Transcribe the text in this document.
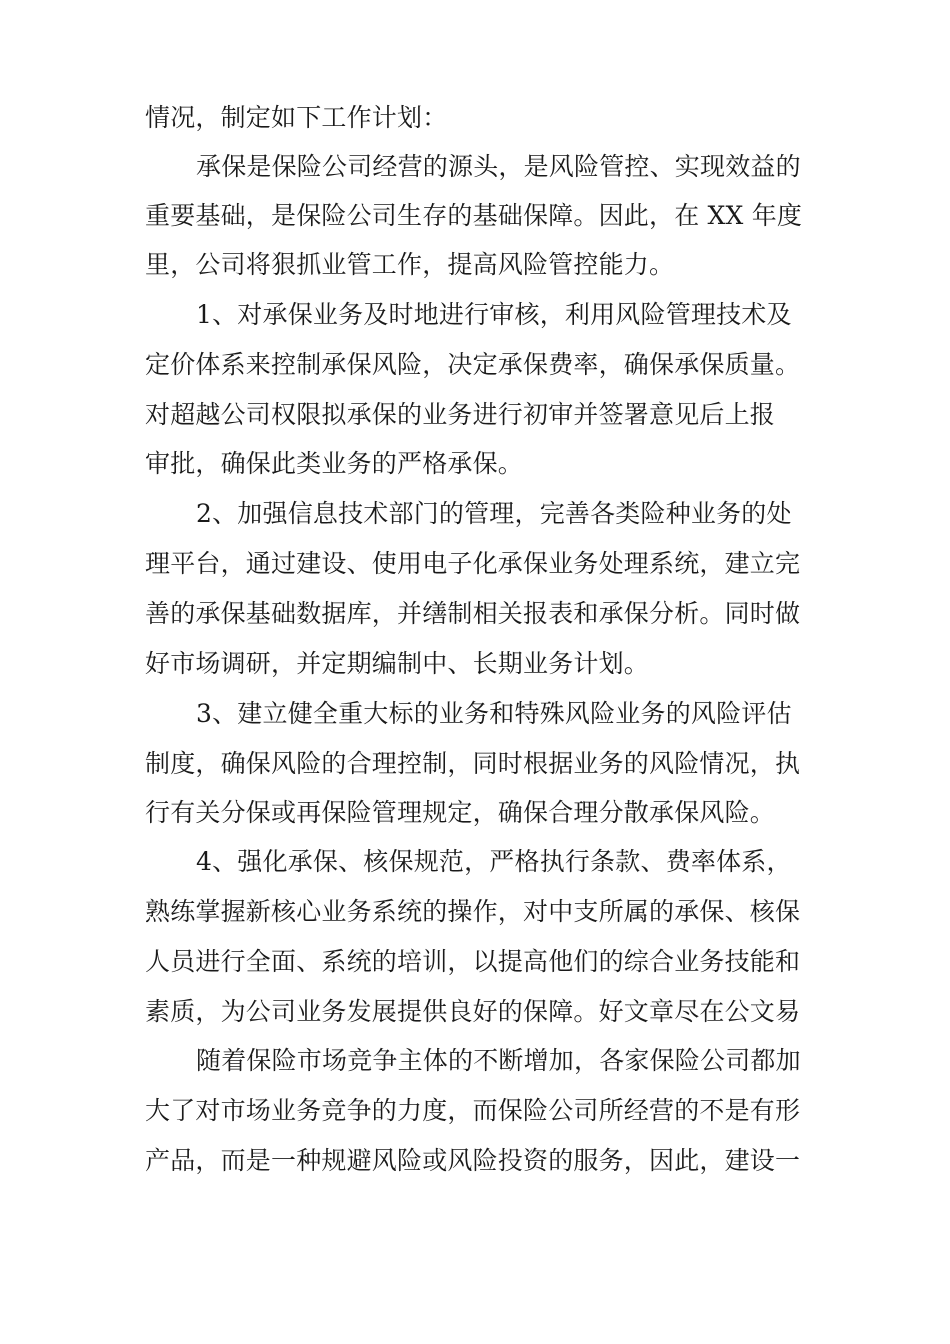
情况，制定如下工作计划：
承保是保险公司经营的源头，是风险管控、实现效益的
重要基础，是保险公司生存的基础保障。因此，在 XX 年度
里，公司将狠抓业管工作，提高风险管控能力。
1、对承保业务及时地进行审核，利用风险管理技术及
定价体系来控制承保风险，决定承保费率，确保承保质量。
对超越公司权限拟承保的业务进行初审并签署意见后上报
审批，确保此类业务的严格承保。
2、加强信息技术部门的管理，完善各类险种业务的处
理平台，通过建设、使用电子化承保业务处理系统，建立完
善的承保基础数据库，并缮制相关报表和承保分析。同时做
好市场调研，并定期编制中、长期业务计划。
3、建立健全重大标的业务和特殊风险业务的风险评估
制度，确保风险的合理控制，同时根据业务的风险情况，执
行有关分保或再保险管理规定，确保合理分散承保风险。
4、强化承保、核保规范，严格执行条款、费率体系，
熟练掌握新核心业务系统的操作，对中支所属的承保、核保
人员进行全面、系统的培训，以提高他们的综合业务技能和
素质，为公司业务发展提供良好的保障。好文章尽在公文易
随着保险市场竞争主体的不断增加，各家保险公司都加
大了对市场业务竞争的力度，而保险公司所经营的不是有形
产品，而是一种规避风险或风险投资的服务，因此，建设一
